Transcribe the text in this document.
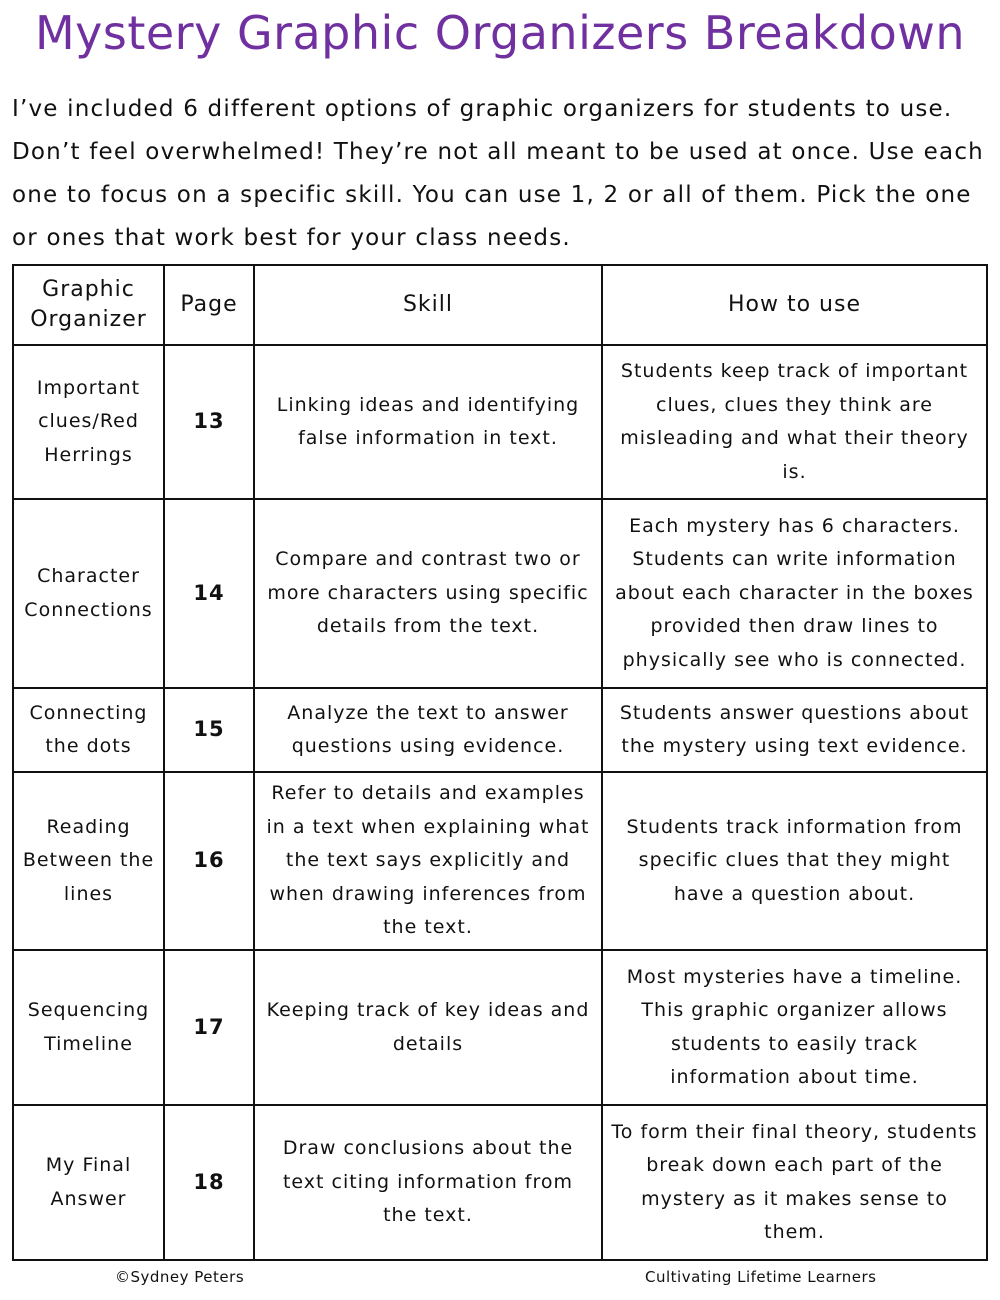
Mystery Graphic Organizers Breakdown

I’ve included 6 different options of graphic organizers for students to use. Don’t feel overwhelmed! They’re not all meant to be used at once. Use each one to focus on a specific skill. You can use 1, 2 or all of them. Pick the one or ones that work best for your class needs.

Graphic Organizer	Page	Skill	How to use
Important clues/Red Herrings	13	Linking ideas and identifying false information in text.	Students keep track of important clues, clues they think are misleading and what their theory is.
Character Connections	14	Compare and contrast two or more characters using specific details from the text.	Each mystery has 6 characters. Students can write information about each character in the boxes provided then draw lines to physically see who is connected.
Connecting the dots	15	Analyze the text to answer questions using evidence.	Students answer questions about the mystery using text evidence.
Reading Between the lines	16	Refer to details and examples in a text when explaining what the text says explicitly and when drawing inferences from the text.	Students track information from specific clues that they might have a question about.
Sequencing Timeline	17	Keeping track of key ideas and details	Most mysteries have a timeline. This graphic organizer allows students to easily track information about time.
My Final Answer	18	Draw conclusions about the text citing information from the text.	To form their final theory, students break down each part of the mystery as it makes sense to them.
©Sydney Peters	Cultivating Lifetime Learners
